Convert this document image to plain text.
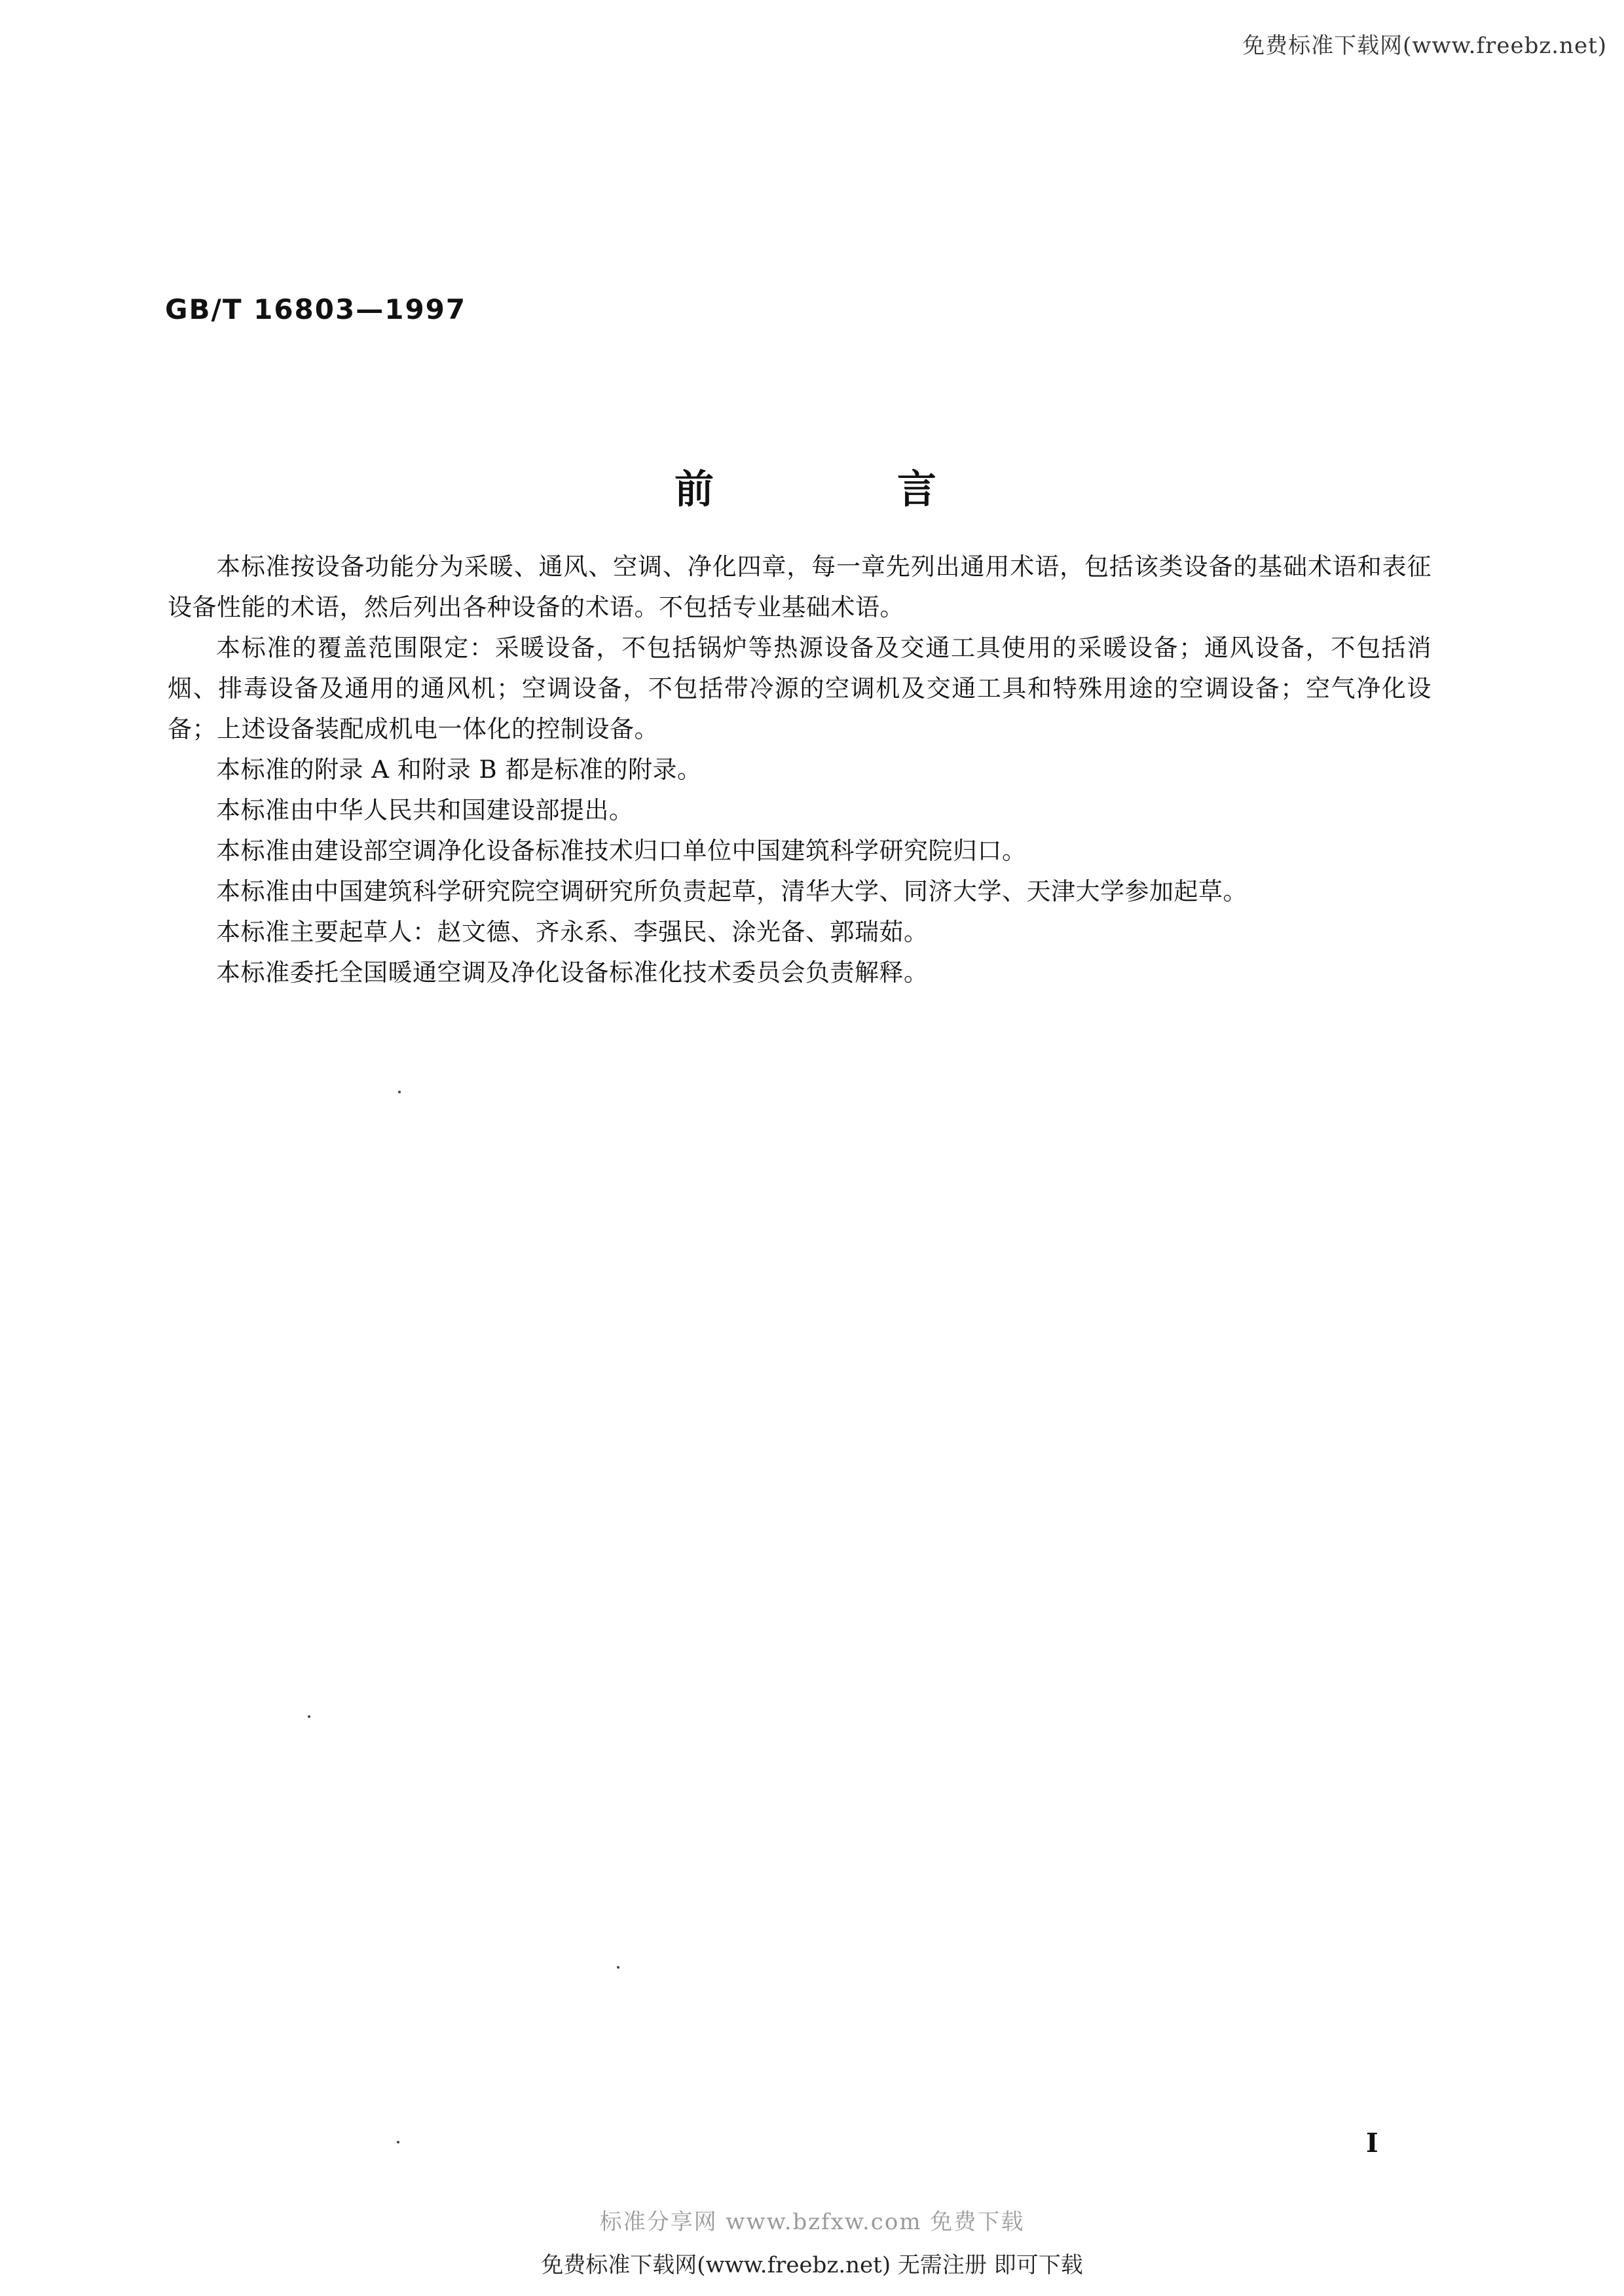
免费标准下载网(www.freebz.net)
GB/T 16803—1997
前	言

本标准按设备功能分为采暖、通风、空调、净化四章，每一章先列出通用术语，包括该类设备的基础术语和表征设备性能的术语，然后列出各种设备的术语。不包括专业基础术语。

本标准的覆盖范围限定：采暖设备，不包括锅炉等热源设备及交通工具使用的采暖设备；通风设备，不包括消烟、排毒设备及通用的通风机；空调设备，不包括带冷源的空调机及交通工具和特殊用途的空调设备；空气净化设备；上述设备装配成机电一体化的控制设备。

本标准的附录 A 和附录 B 都是标准的附录。

本标准由中华人民共和国建设部提出。

本标准由建设部空调净化设备标准技术归口单位中国建筑科学研究院归口。

本标准由中国建筑科学研究院空调研究所负责起草，清华大学、同济大学、天津大学参加起草。

本标准主要起草人：赵文德、齐永系、李强民、涂光备、郭瑞茹。

本标准委托全国暖通空调及净化设备标准化技术委员会负责解释。

I
标准分享网 www.bzfxw.com 免费下载
免费标准下载网(www.freebz.net) 无需注册 即可下载
